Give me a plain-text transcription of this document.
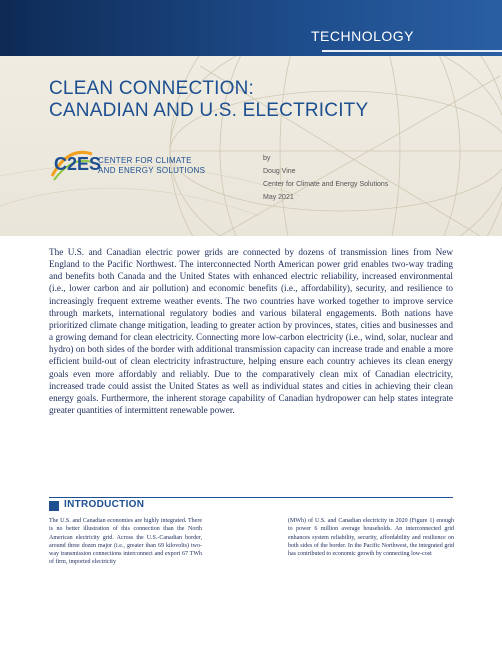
TECHNOLOGY
CLEAN CONNECTION:
CANADIAN AND U.S. ELECTRICITY
C2ES
CENTER FOR CLIMATE
AND ENERGY SOLUTIONS
by
Doug Vine
Center for Climate and Energy Solutions
May 2021
The U.S. and Canadian electric power grids are connected by dozens of transmission lines from New England to the Pacific Northwest. The interconnected North American power grid enables two-way trading and benefits both Canada and the United States with enhanced electric reliability, increased environmental (i.e., lower carbon and air pollution) and economic benefits (i.e., affordability), security, and resilience to increasingly frequent extreme weather events. The two countries have worked together to improve service through markets, international regulatory bodies and various bilateral engagements. Both nations have prioritized climate change mitigation, leading to greater action by provinces, states, cities and businesses and a growing demand for clean electricity. Connecting more low-carbon electricity (i.e., wind, solar, nuclear and hydro) on both sides of the border with additional transmission capacity can increase trade and enable a more efficient build-out of clean electricity infrastructure, helping ensure each country achieves its clean energy goals even more affordably and reliably. Due to the comparatively clean mix of Canadian electricity, increased trade could assist the United States as well as individual states and cities in achieving their clean energy goals. Furthermore, the inherent storage capability of Canadian hydropower can help states integrate greater quantities of intermittent renewable power.
INTRODUCTION
The U.S. and Canadian economies are highly integrated. There is no better illustration of this connection than the North American electricity grid. Across the U.S.-Canadian border, around three dozen major (i.e., greater than 69 kilovolts) two-way transmission connections interconnect and export 67 TWh of firm, imported electricity
(MWh) of U.S. and Canadian electricity in 2020 (Figure 1) enough to power 6 million average households. An interconnected grid enhances system reliability, security, affordability and resilience on both sides of the border. In the Pacific Northwest, the integrated grid has contributed to economic growth by connecting low-cost
